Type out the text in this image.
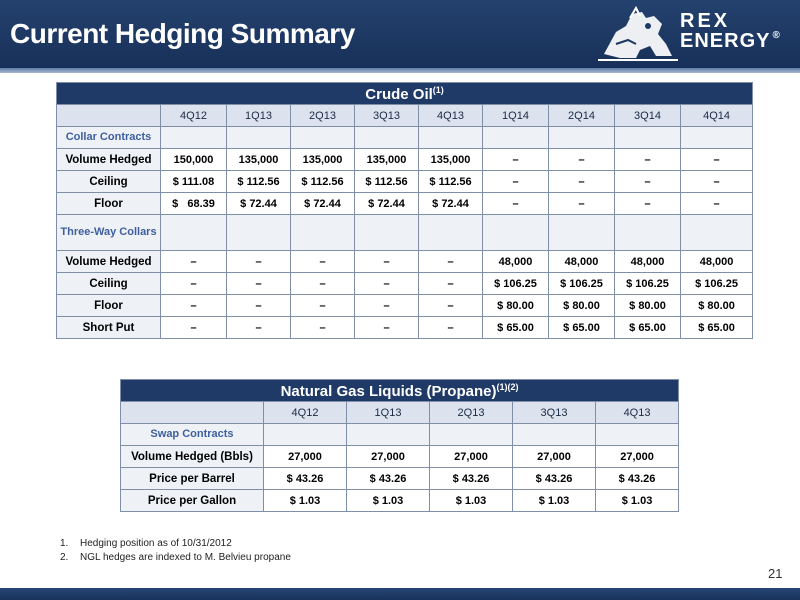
Current Hedging Summary	REX
ENERGY ®
Crude Oil$^{(1)}$
	4Q12	1Q13	2Q13	3Q13	4Q13	1Q14	2Q14	3Q14	4Q14
Collar Contracts									
Volume Hedged	150,000	135,000	135,000	135,000	135,000	–	–	–	–
Ceiling	$ 111.08	$ 112.56	$ 112.56	$ 112.56	$ 112.56	–	–	–	–
Floor	$   68.39	$ 72.44	$ 72.44	$ 72.44	$ 72.44	–	–	–	–
Three-Way Collars									
Volume Hedged	–	–	–	–	–	48,000	48,000	48,000	48,000
Ceiling	–	–	–	–	–	$ 106.25	$ 106.25	$ 106.25	$ 106.25
Floor	–	–	–	–	–	$ 80.00	$ 80.00	$ 80.00	$ 80.00
Short Put	–	–	–	–	–	$ 65.00	$ 65.00	$ 65.00	$ 65.00
Natural Gas Liquids (Propane)$^{(1)(2)}$
	4Q12	1Q13	2Q13	3Q13	4Q13
Swap Contracts					
Volume Hedged (Bbls)	27,000	27,000	27,000	27,000	27,000
Price per Barrel	$ 43.26	$ 43.26	$ 43.26	$ 43.26	$ 43.26
Price per Gallon	$ 1.03	$ 1.03	$ 1.03	$ 1.03	$ 1.03
1. Hedging position as of 10/31/2012
2. NGL hedges are indexed to M. Belvieu propane
21
